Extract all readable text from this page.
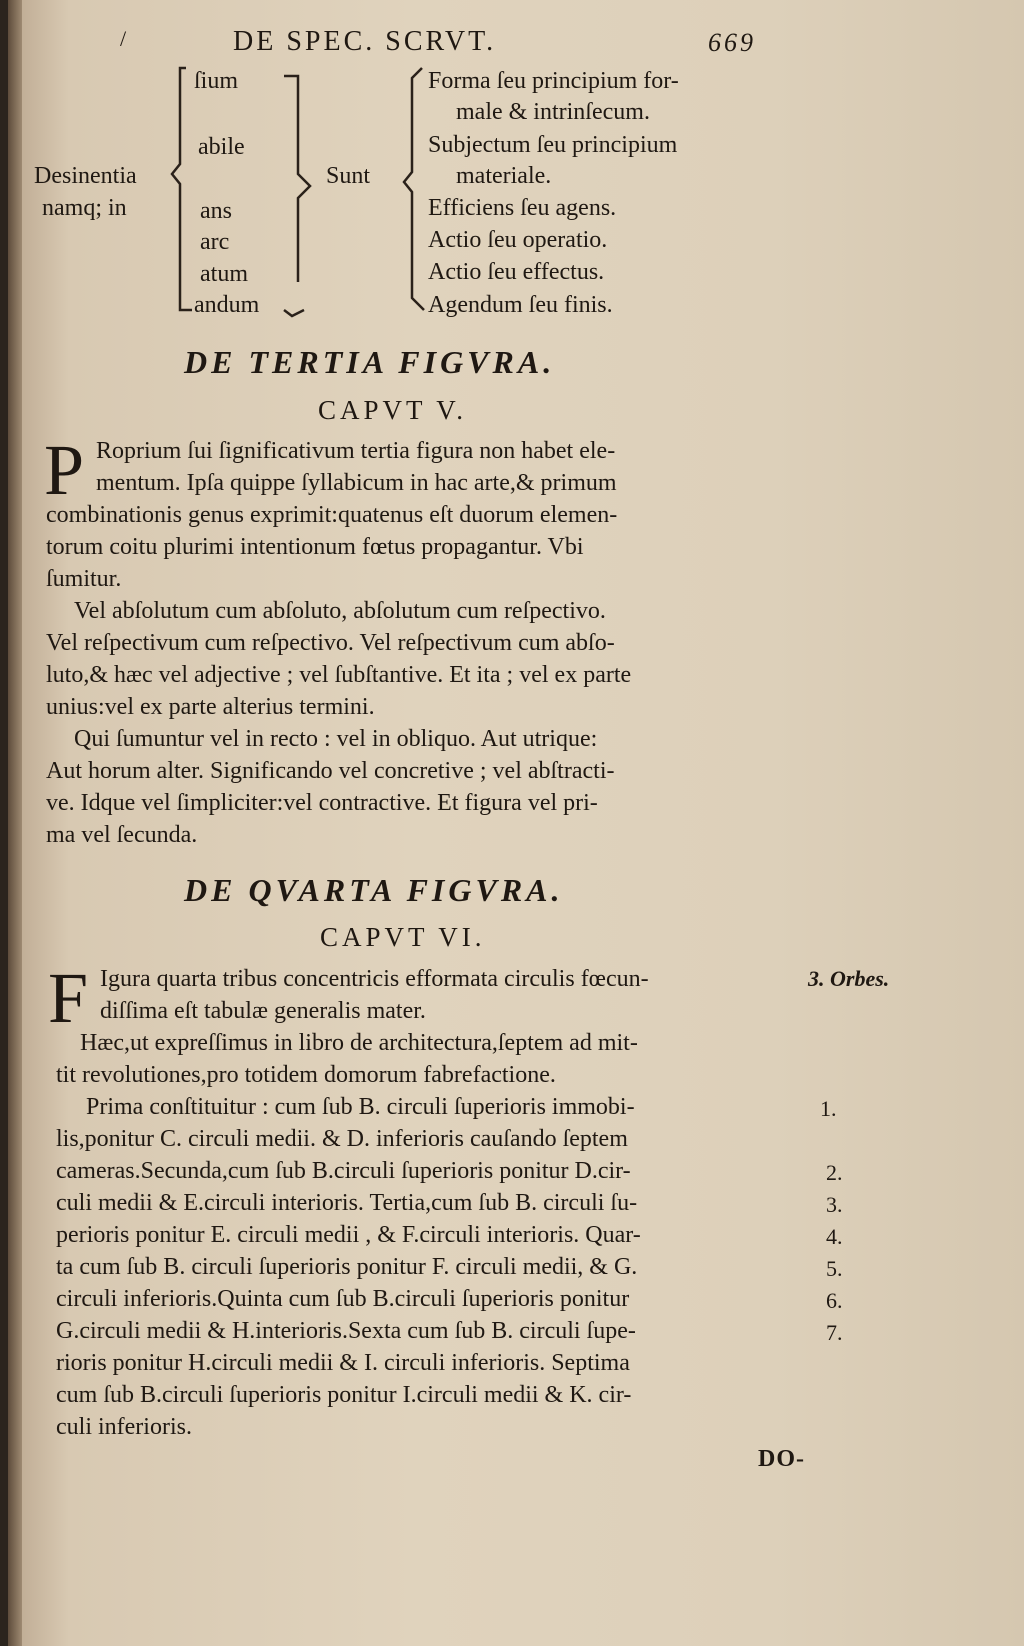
/	DE SPEC. SCRVT.	669
Desinentia
namq; in
ſium
abile
ans
arc
atum
andum
Sunt
Forma ſeu principium for-
male & intrinſecum.
Subjectum ſeu principium
materiale.
Efficiens ſeu agens.
Actio ſeu operatio.
Actio ſeu effectus.
Agendum ſeu finis.
DE TERTIA FIGVRA.
CAPVT V.
P Roprium ſui ſignificativum tertia figura non habet ele-
mentum. Ipſa quippe ſyllabicum in hac arte,& primum
combinationis genus exprimit:quatenus eſt duorum elemen-
torum coitu plurimi intentionum fœtus propagantur. Vbi
ſumitur.
Vel abſolutum cum abſoluto, abſolutum cum reſpectivo.
Vel reſpectivum cum reſpectivo. Vel reſpectivum cum abſo-
luto,& hæc vel adjective ; vel ſubſtantive. Et ita ; vel ex parte
unius:vel ex parte alterius termini.
Qui ſumuntur vel in recto : vel in obliquo. Aut utrique:
Aut horum alter. Significando vel concretive ; vel abſtracti-
ve. Idque vel ſimpliciter:vel contractive. Et figura vel pri-
ma vel ſecunda.
DE QVARTA FIGVRA.
CAPVT VI.
F Igura quarta tribus concentricis efformata circulis fœcun-
diſſima eſt tabulæ generalis mater.
Hæc,ut expreſſimus in libro de architectura,ſeptem ad mit-
tit revolutiones,pro totidem domorum fabrefactione.
Prima conſtituitur : cum ſub B. circuli ſuperioris immobi-
lis,ponitur C. circuli medii. & D. inferioris cauſando ſeptem
cameras.Secunda,cum ſub B.circuli ſuperioris ponitur D.cir-
culi medii & E.circuli interioris. Tertia,cum ſub B. circuli ſu-
perioris ponitur E. circuli medii , & F.circuli interioris. Quar-
ta cum ſub B. circuli ſuperioris ponitur F. circuli medii, & G.
circuli inferioris.Quinta cum ſub B.circuli ſuperioris ponitur
G.circuli medii & H.interioris.Sexta cum ſub B. circuli ſupe-
rioris ponitur H.circuli medii & I. circuli inferioris. Septima
cum ſub B.circuli ſuperioris ponitur I.circuli medii & K. cir-
culi inferioris.
3. Orbes.
1.
2.
3.
4.
5.
6.
7.
DO-
